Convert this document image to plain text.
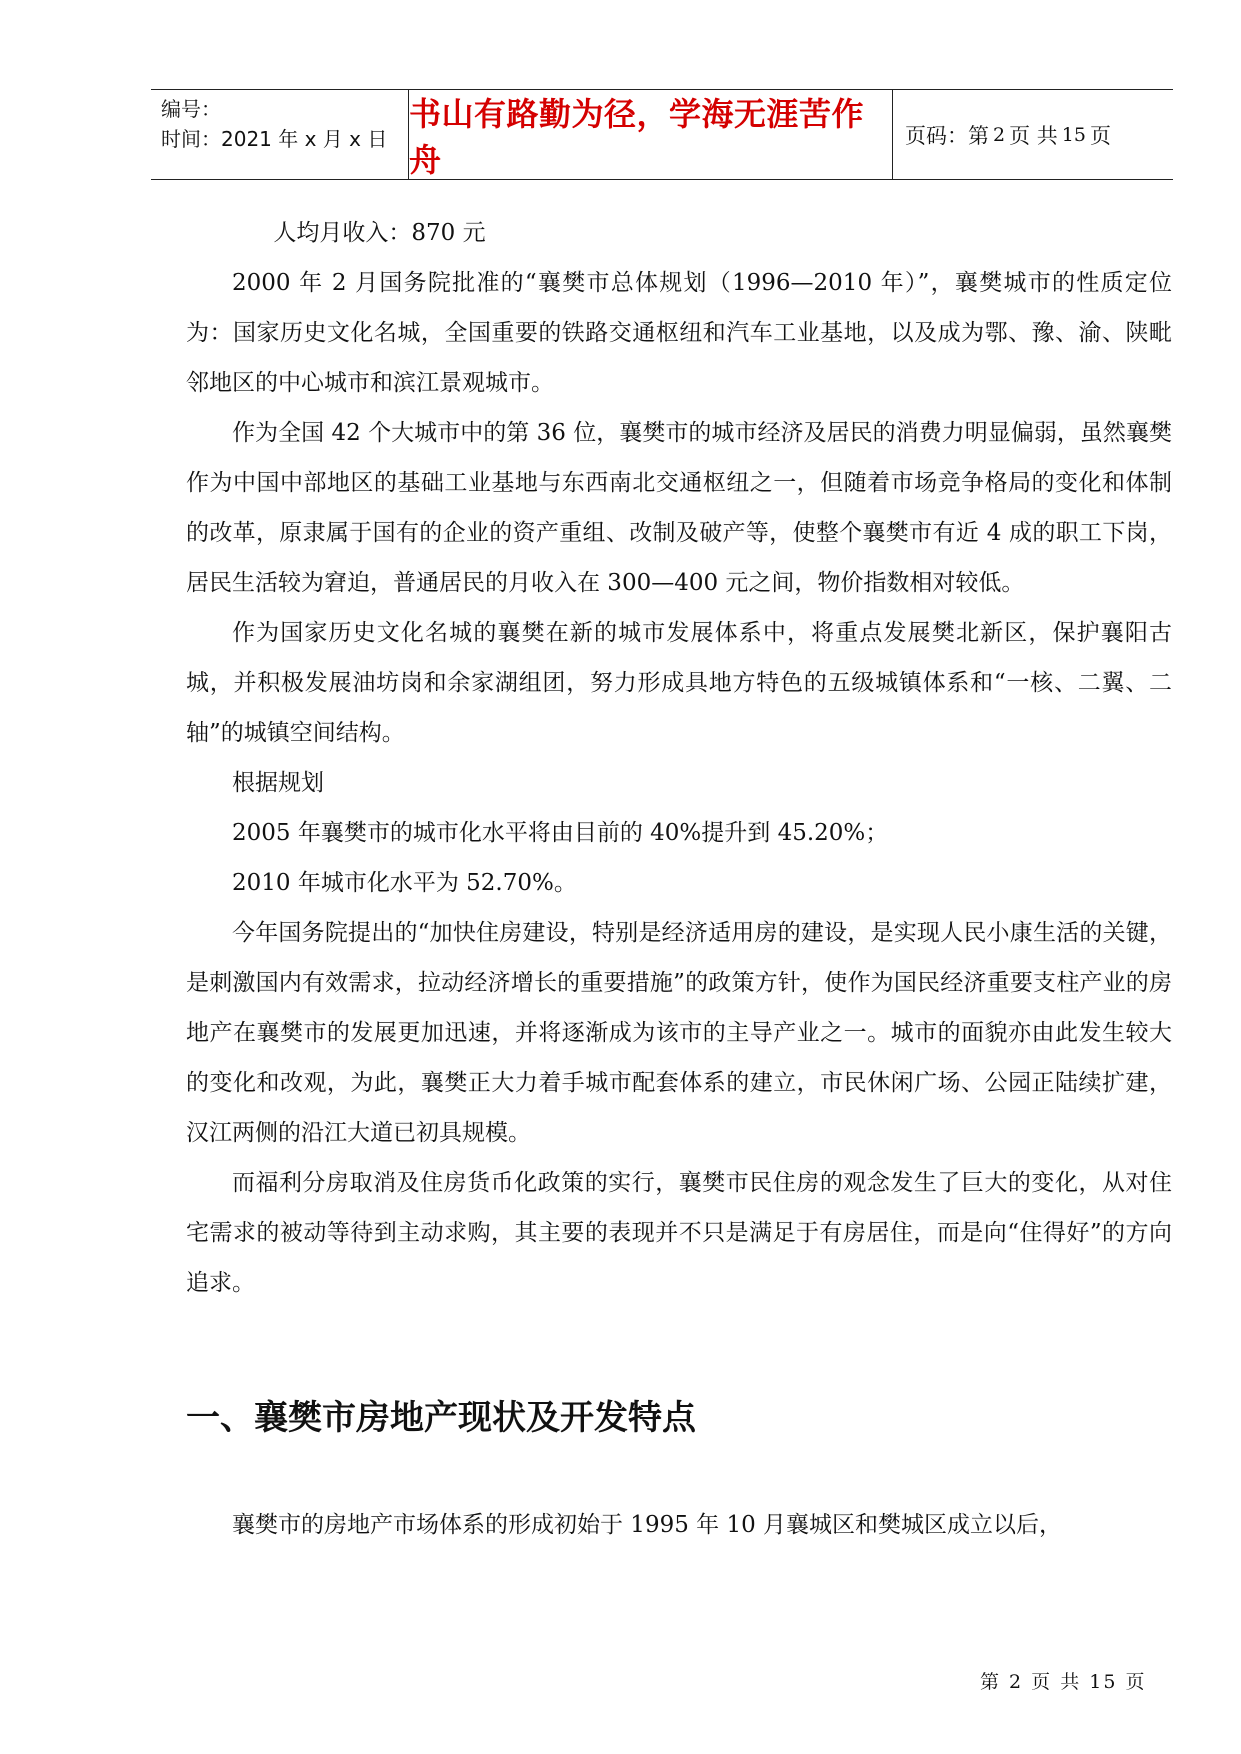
编号：
时间：2021 年 x 月 x 日
书山有路勤为径，学海无涯苦作舟
页码：第 2 页 共 15 页

人均月收入：870 元

2000 年 2 月国务院批准的“襄樊市总体规划（1996—2010 年）”，襄樊城市的性质定位为：国家历史文化名城，全国重要的铁路交通枢纽和汽车工业基地，以及成为鄂、豫、渝、陕毗邻地区的中心城市和滨江景观城市。

作为全国 42 个大城市中的第 36 位，襄樊市的城市经济及居民的消费力明显偏弱，虽然襄樊作为中国中部地区的基础工业基地与东西南北交通枢纽之一，但随着市场竞争格局的变化和体制的改革，原隶属于国有的企业的资产重组、改制及破产等，使整个襄樊市有近 4 成的职工下岗，居民生活较为窘迫，普通居民的月收入在 300—400 元之间，物价指数相对较低。

作为国家历史文化名城的襄樊在新的城市发展体系中，将重点发展樊北新区，保护襄阳古城，并积极发展油坊岗和余家湖组团，努力形成具地方特色的五级城镇体系和“一核、二翼、二轴”的城镇空间结构。

根据规划

2005 年襄樊市的城市化水平将由目前的 40%提升到 45.20%；

2010 年城市化水平为 52.70%。

今年国务院提出的“加快住房建设，特别是经济适用房的建设，是实现人民小康生活的关键，是刺激国内有效需求，拉动经济增长的重要措施”的政策方针，使作为国民经济重要支柱产业的房地产在襄樊市的发展更加迅速，并将逐渐成为该市的主导产业之一。城市的面貌亦由此发生较大的变化和改观，为此，襄樊正大力着手城市配套体系的建立，市民休闲广场、公园正陆续扩建，汉江两侧的沿江大道已初具规模。

而福利分房取消及住房货币化政策的实行，襄樊市民住房的观念发生了巨大的变化，从对住宅需求的被动等待到主动求购，其主要的表现并不只是满足于有房居住，而是向“住得好”的方向追求。

一、襄樊市房地产现状及开发特点

襄樊市的房地产市场体系的形成初始于 1995 年 10 月襄城区和樊城区成立以后，

第 2 页 共 15 页
